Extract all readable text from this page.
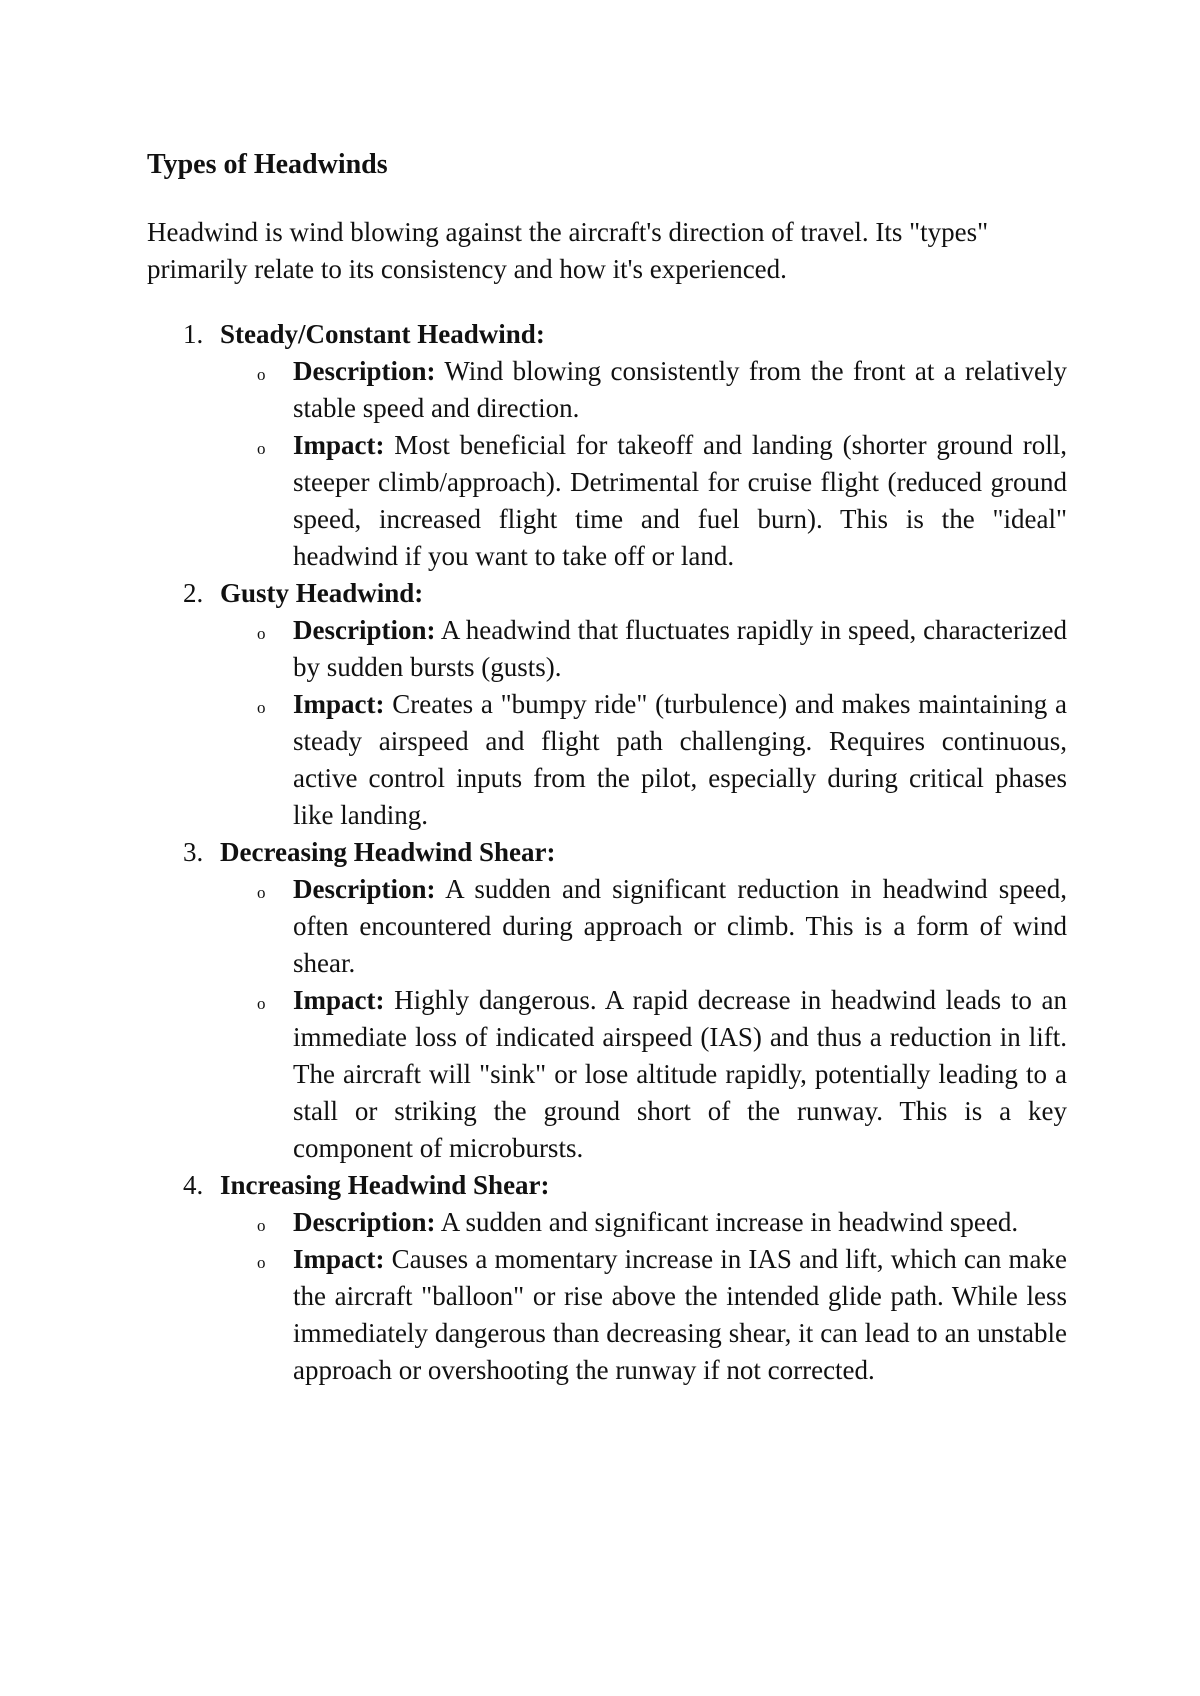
Types of Headwinds

Headwind is wind blowing against the aircraft's direction of travel. Its "types" primarily relate to its consistency and how it's experienced.

1. Steady/Constant Headwind:
o Description: Wind blowing consistently from the front at a relatively stable speed and direction.
o Impact: Most beneficial for takeoff and landing (shorter ground roll, steeper climb/approach). Detrimental for cruise flight (reduced ground speed, increased flight time and fuel burn). This is the "ideal" headwind if you want to take off or land.
2. Gusty Headwind:
o Description: A headwind that fluctuates rapidly in speed, characterized by sudden bursts (gusts).
o Impact: Creates a "bumpy ride" (turbulence) and makes maintaining a steady airspeed and flight path challenging. Requires continuous, active control inputs from the pilot, especially during critical phases like landing.
3. Decreasing Headwind Shear:
o Description: A sudden and significant reduction in headwind speed, often encountered during approach or climb. This is a form of wind shear.
o Impact: Highly dangerous. A rapid decrease in headwind leads to an immediate loss of indicated airspeed (IAS) and thus a reduction in lift. The aircraft will "sink" or lose altitude rapidly, potentially leading to a stall or striking the ground short of the runway. This is a key component of microbursts.
4. Increasing Headwind Shear:
o Description: A sudden and significant increase in headwind speed.
o Impact: Causes a momentary increase in IAS and lift, which can make the aircraft "balloon" or rise above the intended glide path. While less immediately dangerous than decreasing shear, it can lead to an unstable approach or overshooting the runway if not corrected.
